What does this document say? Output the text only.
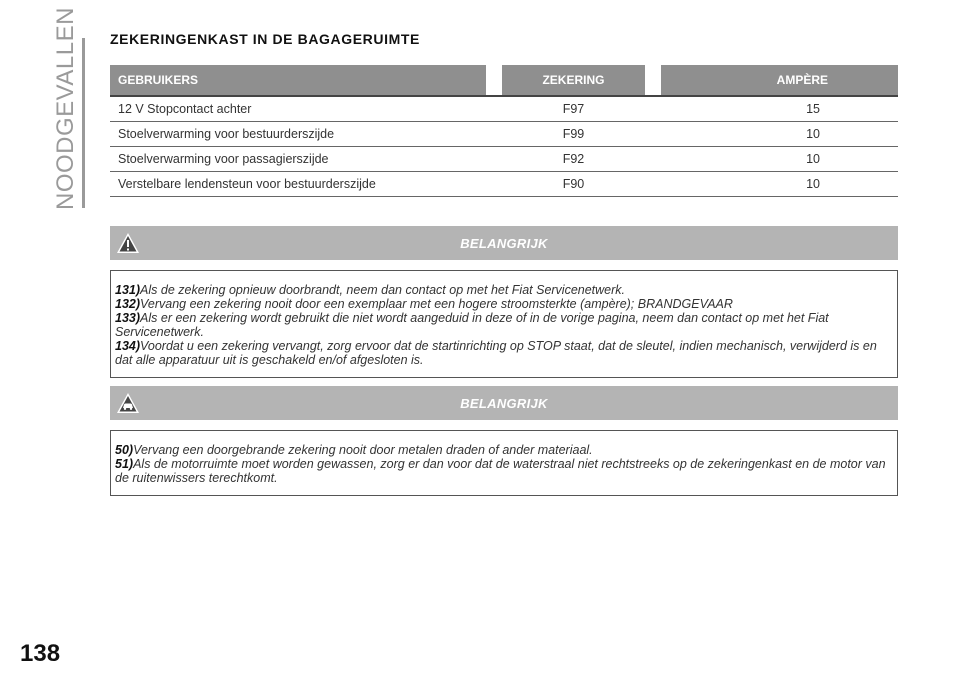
NOODGEVALLEN
138
ZEKERINGENKAST IN DE BAGAGERUIMTE
GEBRUIKERS		ZEKERING		AMPÈRE
12 V Stopcontact achter		F97		15
Stoelverwarming voor bestuurderszijde		F99		10
Stoelverwarming voor passagierszijde		F92		10
Verstelbare lendensteun voor bestuurderszijde		F90		10
BELANGRIJK

131)Als de zekering opnieuw doorbrandt, neem dan contact op met het Fiat Servicenetwerk.

132)Vervang een zekering nooit door een exemplaar met een hogere stroomsterkte (ampère); BRANDGEVAAR

133)Als er een zekering wordt gebruikt die niet wordt aangeduid in deze of in de vorige pagina, neem dan contact op met het Fiat Servicenetwerk.

134)Voordat u een zekering vervangt, zorg ervoor dat de startinrichting op STOP staat, dat de sleutel, indien mechanisch, verwijderd is en dat alle apparatuur uit is geschakeld en/of afgesloten is.

BELANGRIJK

50)Vervang een doorgebrande zekering nooit door metalen draden of ander materiaal.

51)Als de motorruimte moet worden gewassen, zorg er dan voor dat de waterstraal niet rechtstreeks op de zekeringenkast en de motor van de ruitenwissers terechtkomt.
